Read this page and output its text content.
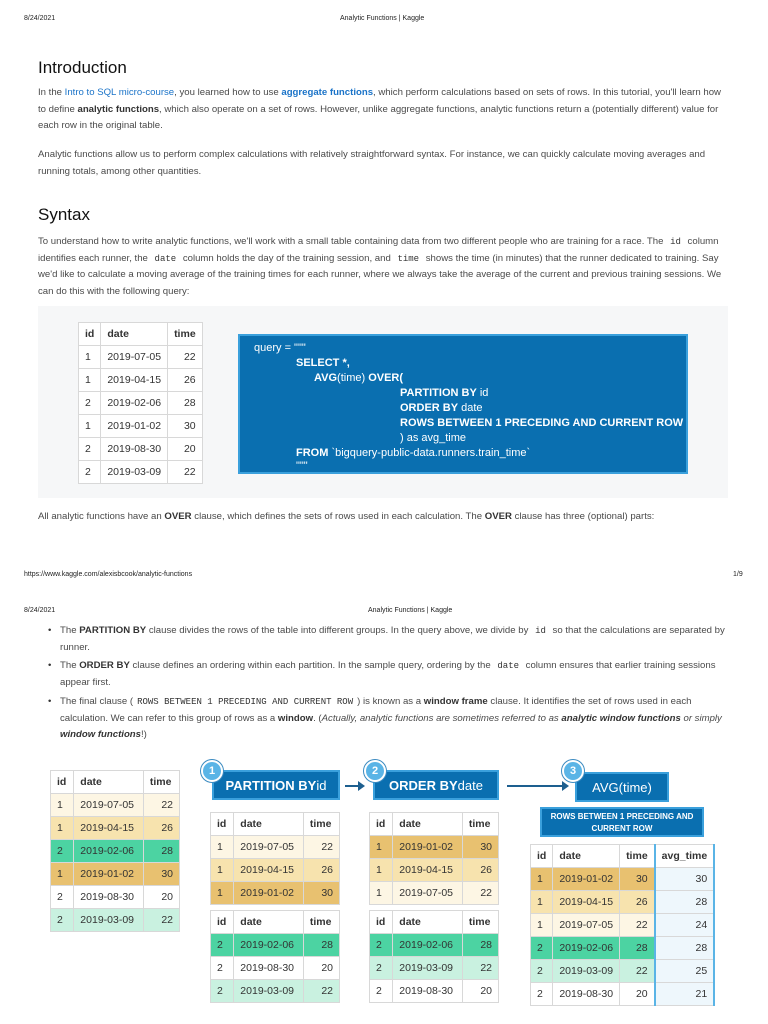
8/24/2021	Analytic Functions | Kaggle
Introduction
In the Intro to SQL micro-course, you learned how to use aggregate functions, which perform calculations based on sets of rows. In this tutorial, you'll learn how to define analytic functions, which also operate on a set of rows. However, unlike aggregate functions, analytic functions return a (potentially different) value for each row in the original table.
Analytic functions allow us to perform complex calculations with relatively straightforward syntax. For instance, we can quickly calculate moving averages and running totals, among other quantities.
Syntax
To understand how to write analytic functions, we'll work with a small table containing data from two different people who are training for a race. The id column identifies each runner, the date column holds the day of the training session, and time shows the time (in minutes) that the runner dedicated to training. Say we'd like to calculate a moving average of the training times for each runner, where we always take the average of the current and previous training sessions. We can do this with the following query:
id	date	time
1	2019-07-05	22
1	2019-04-15	26
2	2019-02-06	28
1	2019-01-02	30
2	2019-08-30	20
2	2019-03-09	22
query = """
SELECT *,
AVG(time) OVER(
PARTITION BY id
ORDER BY date
ROWS BETWEEN 1 PRECEDING AND CURRENT ROW
) as avg_time
FROM `bigquery-public-data.runners.train_time`
"""
All analytic functions have an OVER clause, which defines the sets of rows used in each calculation. The OVER clause has three (optional) parts:
https://www.kaggle.com/alexisbcook/analytic-functions	1/9
8/24/2021	Analytic Functions | Kaggle
• The PARTITION BY clause divides the rows of the table into different groups. In the query above, we divide by id so that the calculations are separated by runner.
• The ORDER BY clause defines an ordering within each partition. In the sample query, ordering by the date column ensures that earlier training sessions appear first.
• The final clause ( ROWS BETWEEN 1 PRECEDING AND CURRENT ROW ) is known as a window frame clause. It identifies the set of rows used in each calculation. We can refer to this group of rows as a window. (Actually, analytic functions are sometimes referred to as analytic window functions or simply window functions!)
id	date	time
1	2019-07-05	22
1	2019-04-15	26
2	2019-02-06	28
1	2019-01-02	30
2	2019-08-30	20
2	2019-03-09	22
PARTITION BY id
1
ORDER BY date
2
AVG(time)
3
ROWS BETWEEN 1 PRECEDING AND CURRENT ROW
id	date	time
1	2019-07-05	22
1	2019-04-15	26
1	2019-01-02	30
id	date	time
2	2019-02-06	28
2	2019-08-30	20
2	2019-03-09	22
id	date	time
1	2019-01-02	30
1	2019-04-15	26
1	2019-07-05	22
id	date	time
2	2019-02-06	28
2	2019-03-09	22
2	2019-08-30	20
id	date	time	avg_time
1	2019-01-02	30	30
1	2019-04-15	26	28
1	2019-07-05	22	24
2	2019-02-06	28	28
2	2019-03-09	22	25
2	2019-08-30	20	21
